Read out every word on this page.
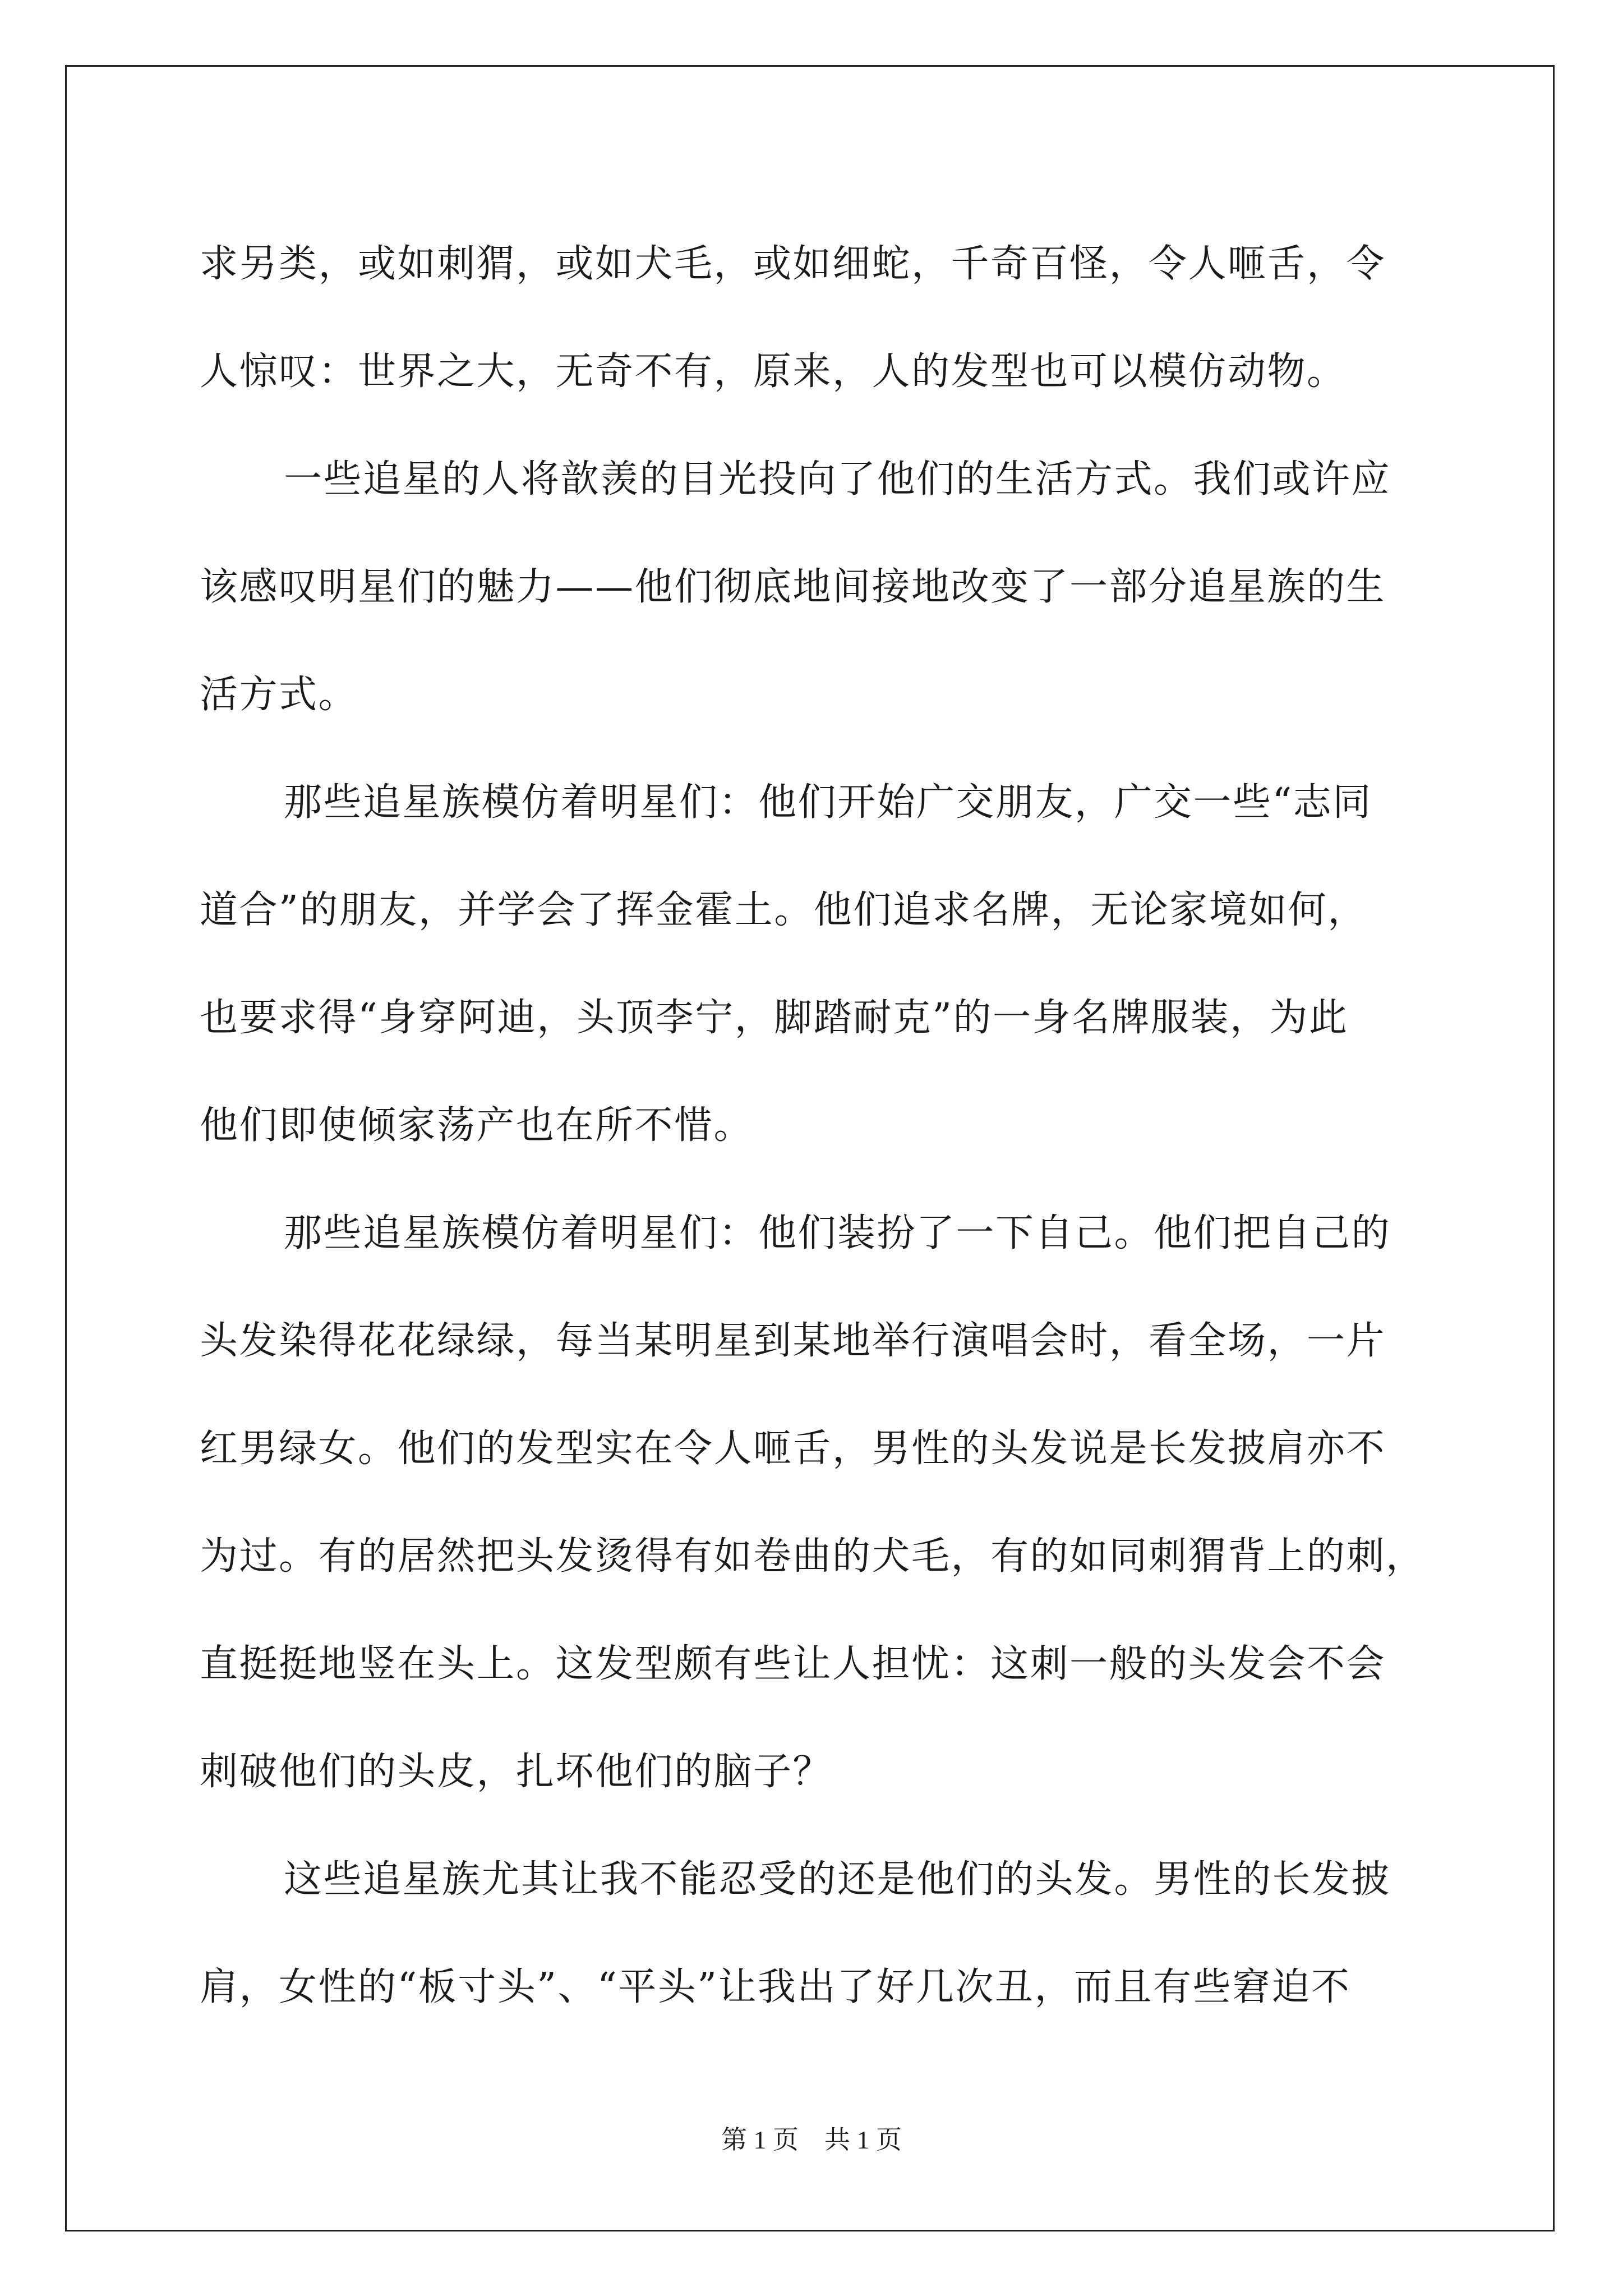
求另类，或如刺猬，或如犬毛，或如细蛇，千奇百怪，令人咂舌，令
人惊叹：世界之大，无奇不有，原来，人的发型也可以模仿动物。
一些追星的人将歆羡的目光投向了他们的生活方式。我们或许应
该感叹明星们的魅力——他们彻底地间接地改变了一部分追星族的生
活方式。
那些追星族模仿着明星们：他们开始广交朋友，广交一些“志同
道合”的朋友，并学会了挥金霍土。他们追求名牌，无论家境如何，
也要求得“身穿阿迪，头顶李宁，脚踏耐克”的一身名牌服装，为此
他们即使倾家荡产也在所不惜。
那些追星族模仿着明星们：他们装扮了一下自己。他们把自己的
头发染得花花绿绿，每当某明星到某地举行演唱会时，看全场，一片
红男绿女。他们的发型实在令人咂舌，男性的头发说是长发披肩亦不
为过。有的居然把头发烫得有如卷曲的犬毛，有的如同刺猬背上的刺，
直挺挺地竖在头上。这发型颇有些让人担忧：这刺一般的头发会不会
刺破他们的头皮，扎坏他们的脑子？
这些追星族尤其让我不能忍受的还是他们的头发。男性的长发披
肩，女性的“板寸头”、“平头”让我出了好几次丑，而且有些窘迫不
第 1 页　共 1 页
